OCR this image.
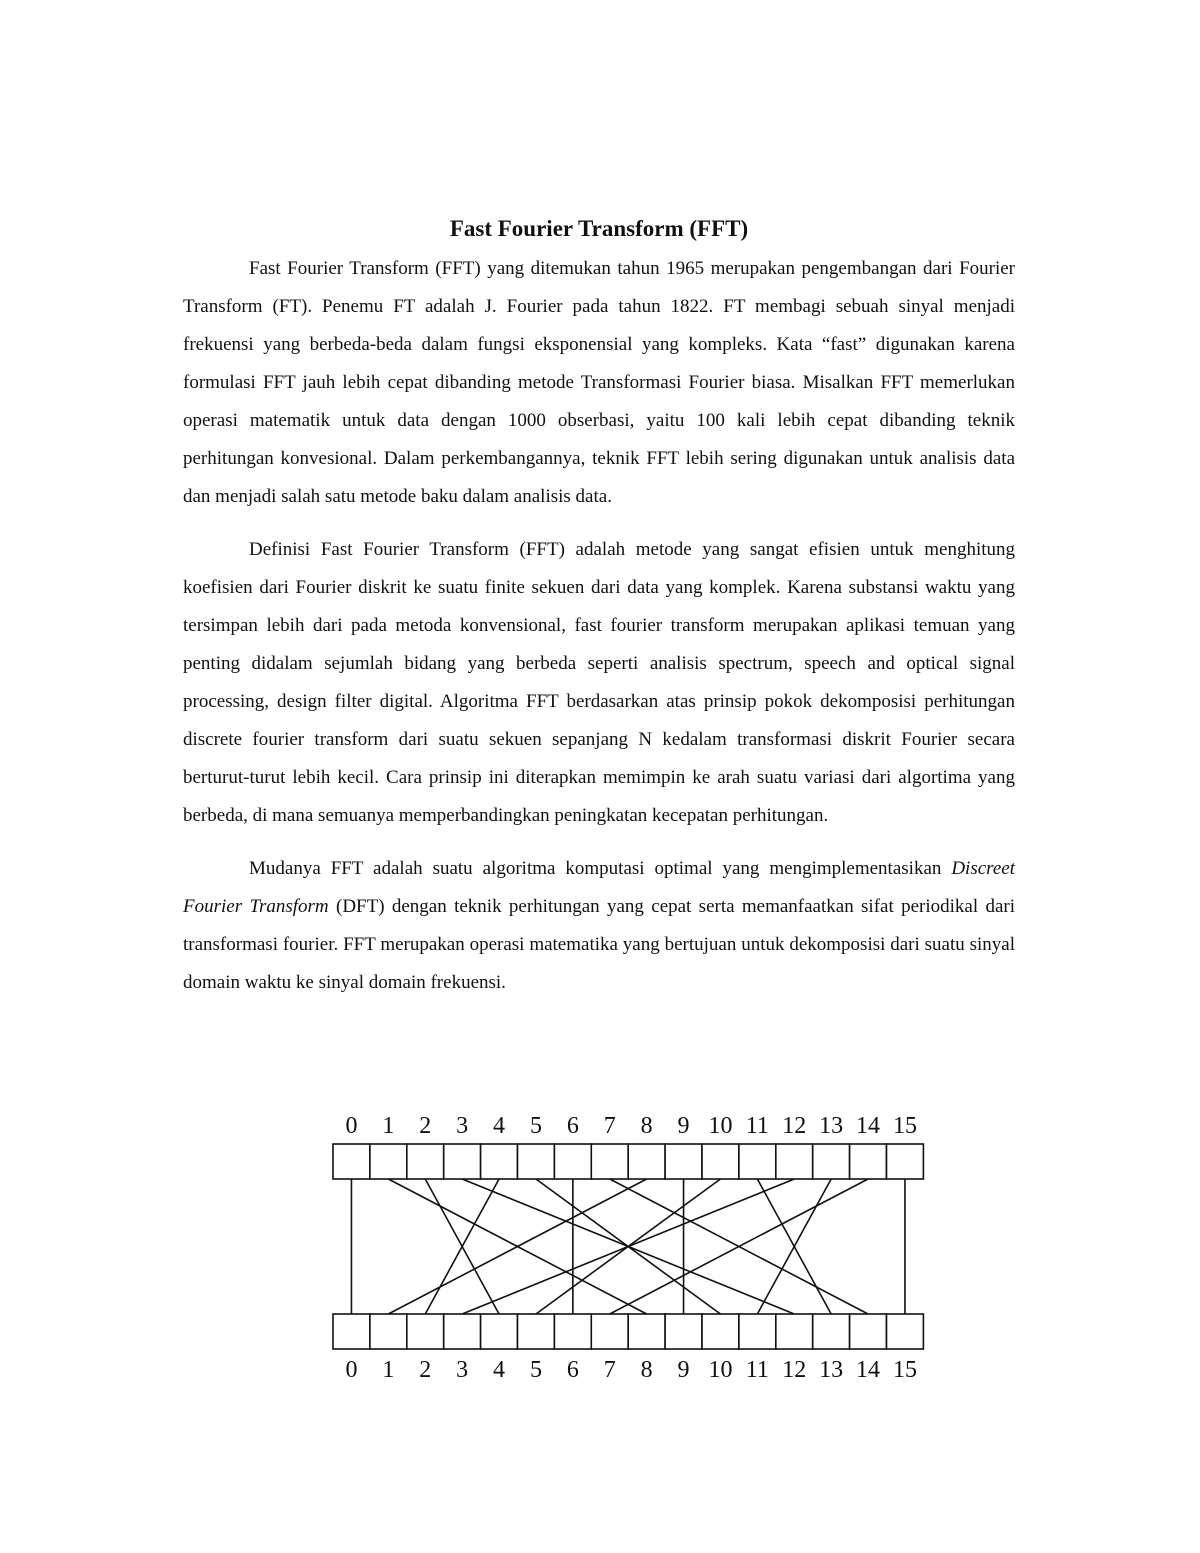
Fast Fourier Transform (FFT)

Fast Fourier Transform (FFT) yang ditemukan tahun 1965 merupakan pengembangan dari Fourier Transform (FT). Penemu FT adalah J. Fourier pada tahun 1822. FT membagi sebuah sinyal menjadi frekuensi yang berbeda-beda dalam fungsi eksponensial yang kompleks. Kata “fast” digunakan karena formulasi FFT jauh lebih cepat dibanding metode Transformasi Fourier biasa. Misalkan FFT memerlukan operasi matematik untuk data dengan 1000 obserbasi, yaitu 100 kali lebih cepat dibanding teknik perhitungan konvesional. Dalam perkembangannya, teknik FFT lebih sering digunakan untuk analisis data dan menjadi salah satu metode baku dalam analisis data.

Definisi Fast Fourier Transform (FFT) adalah metode yang sangat efisien untuk menghitung koefisien dari Fourier diskrit ke suatu finite sekuen dari data yang komplek. Karena substansi waktu yang tersimpan lebih dari pada metoda konvensional, fast fourier transform merupakan aplikasi temuan yang penting didalam sejumlah bidang yang berbeda seperti analisis spectrum, speech and optical signal processing, design filter digital. Algoritma FFT berdasarkan atas prinsip pokok dekomposisi perhitungan discrete fourier transform dari suatu sekuen sepanjang N kedalam transformasi diskrit Fourier secara berturut-turut lebih kecil. Cara prinsip ini diterapkan memimpin ke arah suatu variasi dari algortima yang berbeda, di mana semuanya memperbandingkan peningkatan kecepatan perhitungan.

Mudanya FFT adalah suatu algoritma komputasi optimal yang mengimplementasikan Discreet Fourier Transform (DFT) dengan teknik perhitungan yang cepat serta memanfaatkan sifat periodikal dari transformasi fourier. FFT merupakan operasi matematika yang bertujuan untuk dekomposisi dari suatu sinyal domain waktu ke sinyal domain frekuensi.

0 1 2 3 4 5 6 7 8 9 10 11 12 13 14 15
0 1 2 3 4 5 6 7 8 9 10 11 12 13 14 15
